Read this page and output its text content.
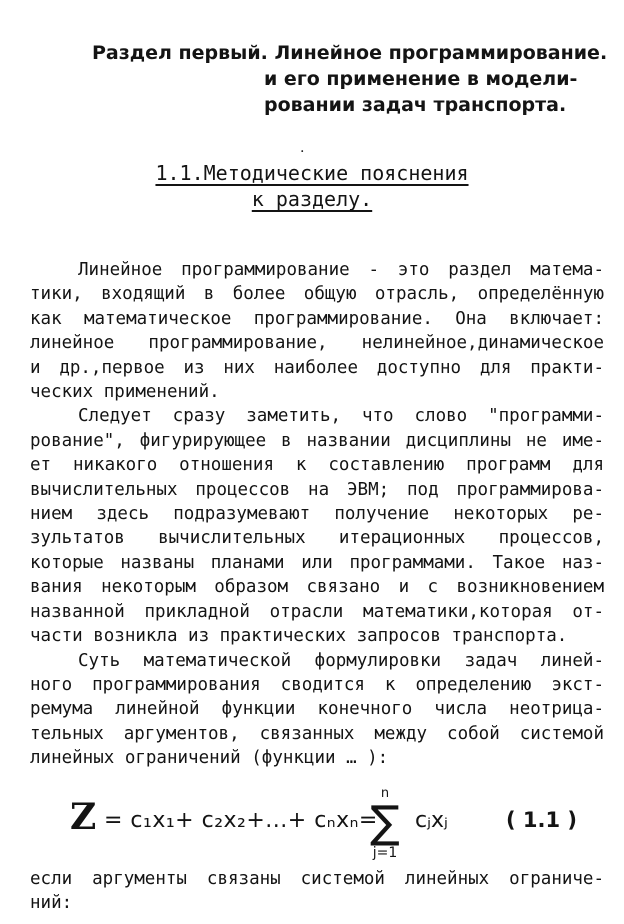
Раздел первый. Линейное программирование.
и его применение в модели-
ровании задач транспорта.
.
1.1.Методические пояснения
к разделу.
Линейное программирование - это раздел матема-
тики, входящий в более общую отрасль, определённую
как математическое программирование. Она включает:
линейное программирование, нелинейное,динамическое
и др.,первое из них наиболее доступно для практи-
ческих применений.
Следует сразу заметить, что слово "программи-
рование", фигурирующее в названии дисциплины не име-
ет никакого отношения к составлению программ для
вычислительных процессов на ЭВМ; под программирова-
нием здесь подразумевают получение некоторых ре-
зультатов вычислительных итерационных процессов,
которые названы планами или программами. Такое наз-
вания некоторым образом связано и с возникновением
названной прикладной отрасли математики,которая от-
части возникла из практических запросов транспорта.
Суть математической формулировки задач линей-
ного программирования сводится к определению экст-
ремума линейной функции конечного числа неотрица-
тельных аргументов, связанных между собой системой
линейных ограничений (функции … ):
Z = c₁x₁+ c₂x₂+...+ cₙxₙ=
n
∑
j=1
cⱼxⱼ	( 1.1 )
если аргументы связаны системой линейных ограниче-
ний:
